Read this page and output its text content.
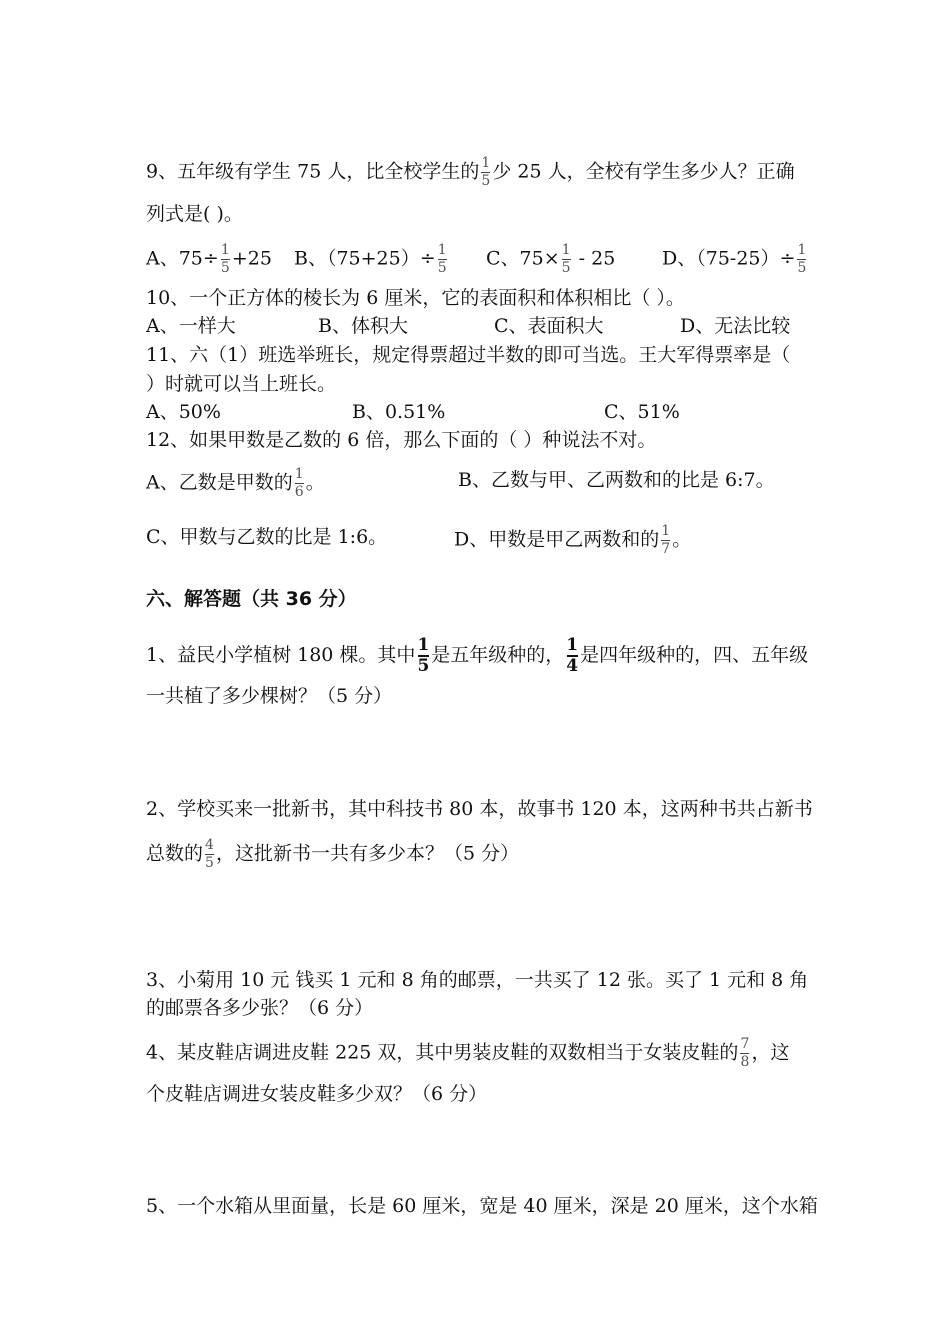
9、五年级有学生 75 人，比全校学生的 $\frac{1}{5}$ 少 25 人，全校有学生多少人？正确
列式是( )。
A、$75\div \frac{1}{5} +25$ B、$(75+25)\div \frac{1}{5}$ C、$75\times \frac{1}{5} - 25$ D、$(75-25)\div \frac{1}{5}$
10、一个正方体的棱长为 6 厘米，它的表面积和体积相比（ ）。
A、一样大	B、体积大	C、表面积大	D、无法比较
11、六（1）班选举班长，规定得票超过半数的即可当选。王大军得票率是（
）时就可以当上班长。
A、50%	B、0.51%	C、51%
12、如果甲数是乙数的 6 倍，那么下面的（ ）种说法不对。
A、乙数是甲数的 $\frac{1}{6}$ 。	B、乙数与甲、乙两数和的比是 6:7。
C、甲数与乙数的比是 1:6。	D、甲数是甲乙两数和的 $\frac{1}{7}$ 。
六、解答题（共 36 分）
1、益民小学植树 180 棵。其中 $\frac{1}{5}$ 是五年级种的， $\frac{1}{4}$ 是四年级种的，四、五年级
一共植了多少棵树？（5 分）
2、学校买来一批新书，其中科技书 80 本，故事书 120 本，这两种书共占新书
总数的 $\frac{4}{5}$ ，这批新书一共有多少本？（5 分）
3、小菊用 10 元 钱买 1 元和 8 角的邮票，一共买了 12 张。买了 1 元和 8 角
的邮票各多少张？（6 分）
4、某皮鞋店调进皮鞋 225 双，其中男装皮鞋的双数相当于女装皮鞋的 $\frac{7}{8}$ ，这
个皮鞋店调进女装皮鞋多少双？（6 分）
5、一个水箱从里面量，长是 60 厘米，宽是 40 厘米，深是 20 厘米，这个水箱
